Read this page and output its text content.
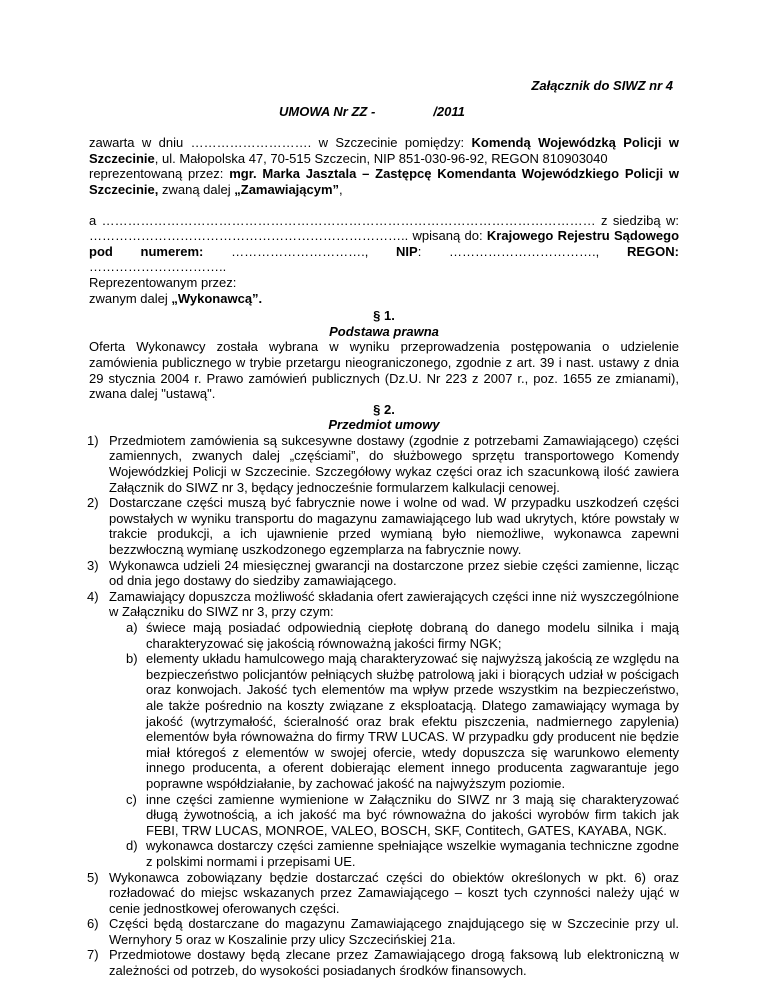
Załącznik do SIWZ nr 4
UMOWA Nr ZZ -	/2011
zawarta w dniu ………………………. w Szczecinie pomiędzy: Komendą Wojewódzką Policji w Szczecinie, ul. Małopolska 47, 70-515 Szczecin, NIP 851-030-96-92, REGON 810903040
reprezentowaną przez: mgr. Marka Jasztala – Zastępcę Komendanta Wojewódzkiego Policji w Szczecinie, zwaną dalej „Zamawiającym”,
a …………………………………………………………………………………………………… z siedzibą w:
……………………………………………………………….. wpisaną do: Krajowego Rejestru Sądowego
pod numerem: …………………………., NIP: ……………………………., REGON:
…………………………..
Reprezentowanym przez:
zwanym dalej „Wykonawcą”.
§ 1.
Podstawa prawna
Oferta Wykonawcy została wybrana w wyniku przeprowadzenia postępowania o udzielenie zamówienia publicznego w trybie przetargu nieograniczonego, zgodnie z art. 39 i nast. ustawy z dnia 29 stycznia 2004 r. Prawo zamówień publicznych (Dz.U. Nr 223 z 2007 r., poz. 1655 ze zmianami), zwana dalej "ustawą".
§ 2.
Przedmiot umowy
1) Przedmiotem zamówienia są sukcesywne dostawy (zgodnie z potrzebami Zamawiającego) części zamiennych, zwanych dalej „częściami”, do służbowego sprzętu transportowego Komendy Wojewódzkiej Policji w Szczecinie. Szczegółowy wykaz części oraz ich szacunkową ilość zawiera Załącznik do SIWZ nr 3, będący jednocześnie formularzem kalkulacji cenowej.
2) Dostarczane części muszą być fabrycznie nowe i wolne od wad. W przypadku uszkodzeń części powstałych w wyniku transportu do magazynu zamawiającego lub wad ukrytych, które powstały w trakcie produkcji, a ich ujawnienie przed wymianą było niemożliwe, wykonawca zapewni bezzwłoczną wymianę uszkodzonego egzemplarza na fabrycznie nowy.
3) Wykonawca udzieli 24 miesięcznej gwarancji na dostarczone przez siebie części zamienne, licząc od dnia jego dostawy do siedziby zamawiającego.
4) Zamawiający dopuszcza możliwość składania ofert zawierających części inne niż wyszczególnione w Załączniku do SIWZ nr 3, przy czym:
a) świece mają posiadać odpowiednią ciepłotę dobraną do danego modelu silnika i mają charakteryzować się jakością równoważną jakości firmy NGK;
b) elementy układu hamulcowego mają charakteryzować się najwyższą jakością ze względu na bezpieczeństwo policjantów pełniących służbę patrolową jaki i biorących udział w pościgach oraz konwojach. Jakość tych elementów ma wpływ przede wszystkim na bezpieczeństwo, ale także pośrednio na koszty związane z eksploatacją. Dlatego zamawiający wymaga by jakość (wytrzymałość, ścieralność oraz brak efektu piszczenia, nadmiernego zapylenia) elementów była równoważna do firmy TRW LUCAS. W przypadku gdy producent nie będzie miał któregoś z elementów w swojej ofercie, wtedy dopuszcza się warunkowo elementy innego producenta, a oferent dobierając element innego producenta zagwarantuje jego poprawne współdziałanie, by zachować jakość na najwyższym poziomie.
c) inne części zamienne wymienione w Załączniku do SIWZ nr 3 mają się charakteryzować długą żywotnością, a ich jakość ma być równoważna do jakości wyrobów firm takich jak FEBI, TRW LUCAS, MONROE, VALEO, BOSCH, SKF, Contitech, GATES, KAYABA, NGK.
d) wykonawca dostarczy części zamienne spełniające wszelkie wymagania techniczne zgodne z polskimi normami i przepisami UE.
5) Wykonawca zobowiązany będzie dostarczać części do obiektów określonych w pkt. 6) oraz rozładować do miejsc wskazanych przez Zamawiającego – koszt tych czynności należy ująć w cenie jednostkowej oferowanych części.
6) Części będą dostarczane do magazynu Zamawiającego znajdującego się w Szczecinie przy ul. Wernyhory 5 oraz w Koszalinie przy ulicy Szczecińskiej 21a.
7) Przedmiotowe dostawy będą zlecane przez Zamawiającego drogą faksową lub elektroniczną w zależności od potrzeb, do wysokości posiadanych środków finansowych.
